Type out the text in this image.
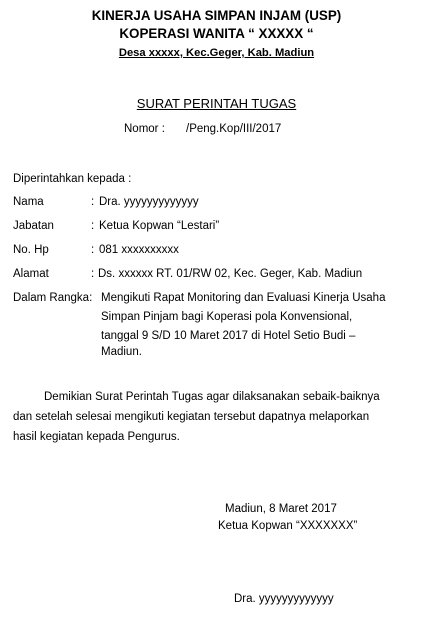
KINERJA USAHA SIMPAN INJAM (USP)
KOPERASI WANITA “ XXXXX “
Desa xxxxx, Kec.Geger, Kab. Madiun
SURAT PERINTAH TUGAS
Nomor : /Peng.Kop/III/2017
Diperintahkan kepada :
Nama	: Dra. yyyyyyyyyyyyy
Jabatan	: Ketua Kopwan “Lestari”
No. Hp	: 081 xxxxxxxxxx
Alamat	: Ds. xxxxxx RT. 01/RW 02, Kec. Geger, Kab. Madiun
Dalam Rangka: Mengikuti Rapat Monitoring dan Evaluasi Kinerja Usaha
Simpan Pinjam bagi Koperasi pola Konvensional,
tanggal 9 S/D 10 Maret 2017 di Hotel Setio Budi –
Madiun.
Demikian Surat Perintah Tugas agar dilaksanakan sebaik-baiknya
dan setelah selesai mengikuti kegiatan tersebut dapatnya melaporkan
hasil kegiatan kepada Pengurus.
Madiun, 8 Maret 2017
Ketua Kopwan “XXXXXXX”
Dra. yyyyyyyyyyyyy
